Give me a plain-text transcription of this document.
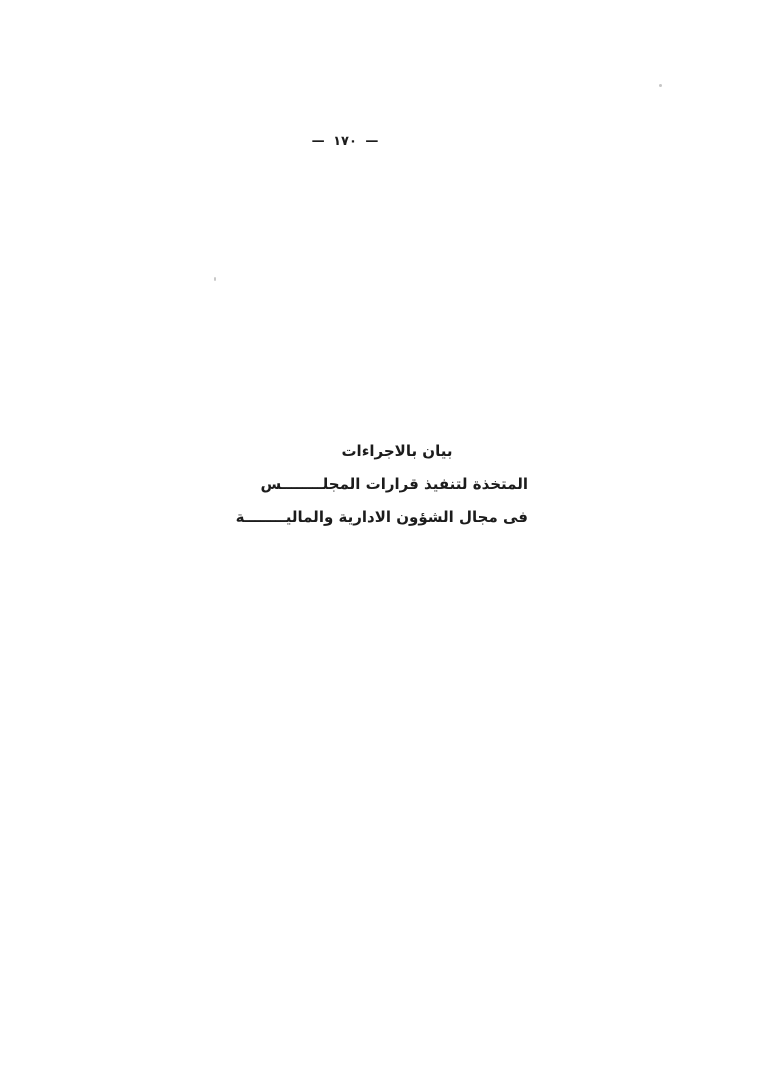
— ١٧٠ —
بيان بالاجراءات
المتخذة لتنفيذ قرارات المجلــــــــس
فى مجال الشؤون الادارية والماليــــــــة
